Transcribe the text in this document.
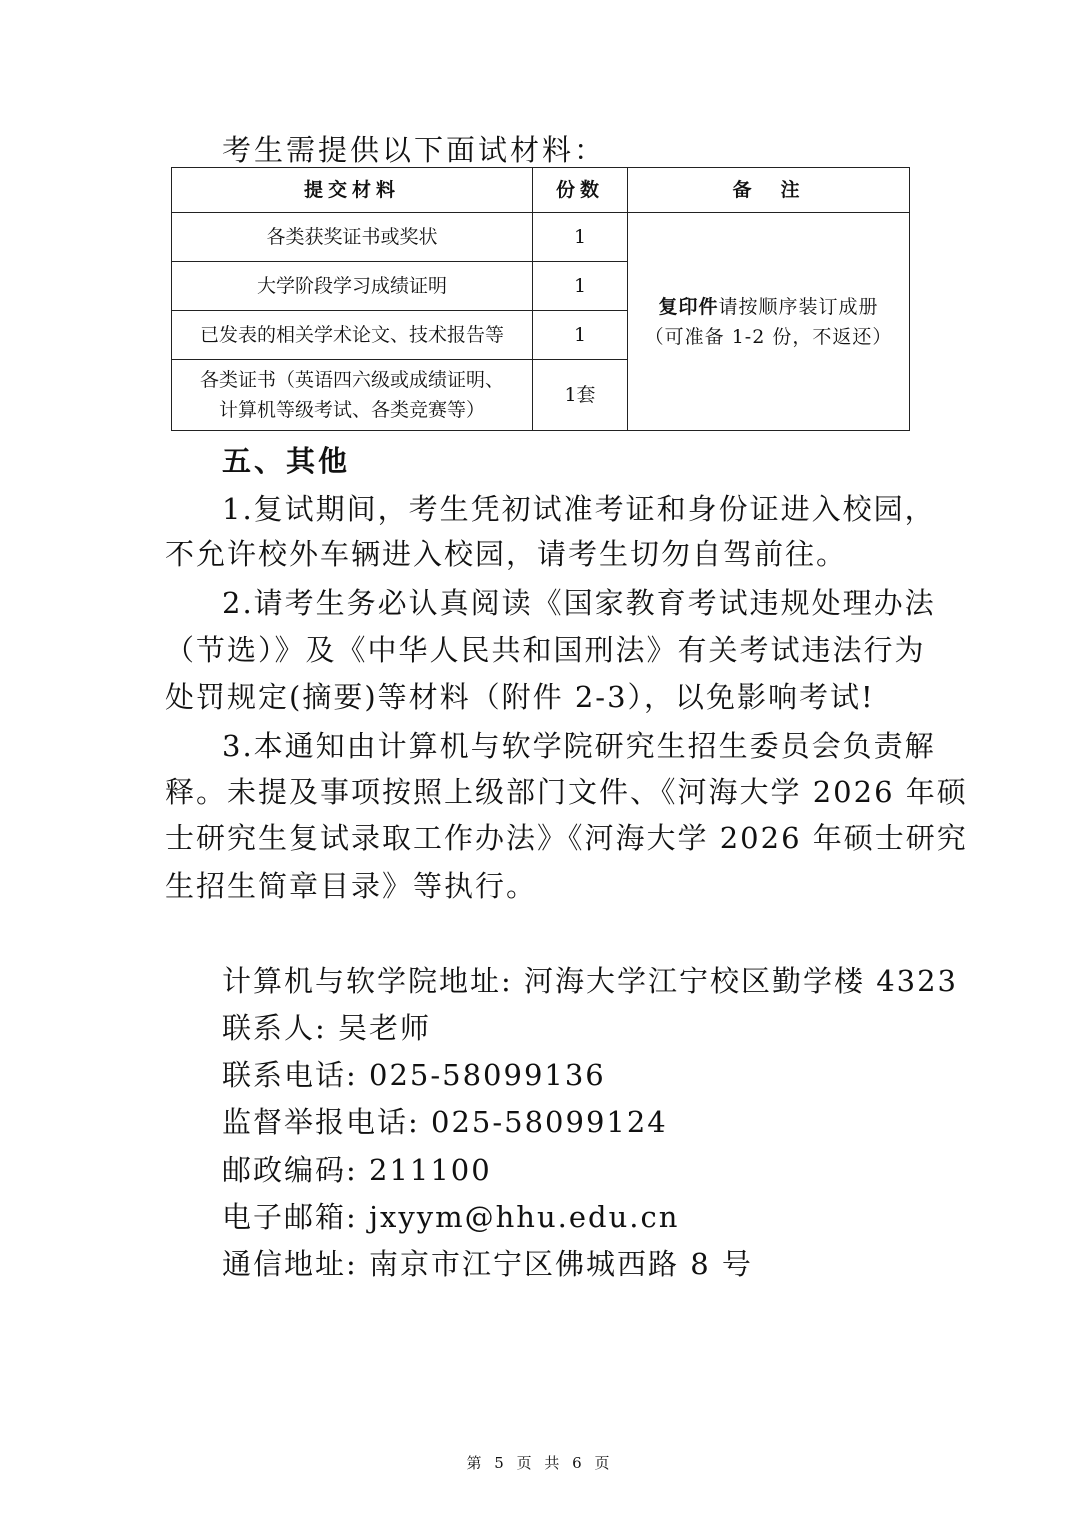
考生需提供以下面试材料：
提交材料	份数	备　注
各类获奖证书或奖状	1	复印件请按顺序装订成册
（可准备 1-2 份，不返还）
大学阶段学习成绩证明	1	
已发表的相关学术论文、技术报告等	1	
各类证书（英语四六级或成绩证明、
计算机等级考试、各类竞赛等）	1套	
五、其他
1.复试期间，考生凭初试准考证和身份证进入校园，
不允许校外车辆进入校园，请考生切勿自驾前往。
2.请考生务必认真阅读《国家教育考试违规处理办法
（节选）》及《中华人民共和国刑法》有关考试违法行为
处罚规定(摘要)等材料（附件 2-3），以免影响考试!
3.本通知由计算机与软学院研究生招生委员会负责解
释。未提及事项按照上级部门文件、《河海大学 2026 年硕
士研究生复试录取工作办法》《河海大学 2026 年硕士研究
生招生简章目录》等执行。
计算机与软学院地址: 河海大学江宁校区勤学楼 4323
联系人: 吴老师
联系电话: 025-58099136
监督举报电话: 025-58099124
邮政编码: 211100
电子邮箱: jxyym@hhu.edu.cn
通信地址: 南京市江宁区佛城西路 8 号
第 5 页 共 6 页
